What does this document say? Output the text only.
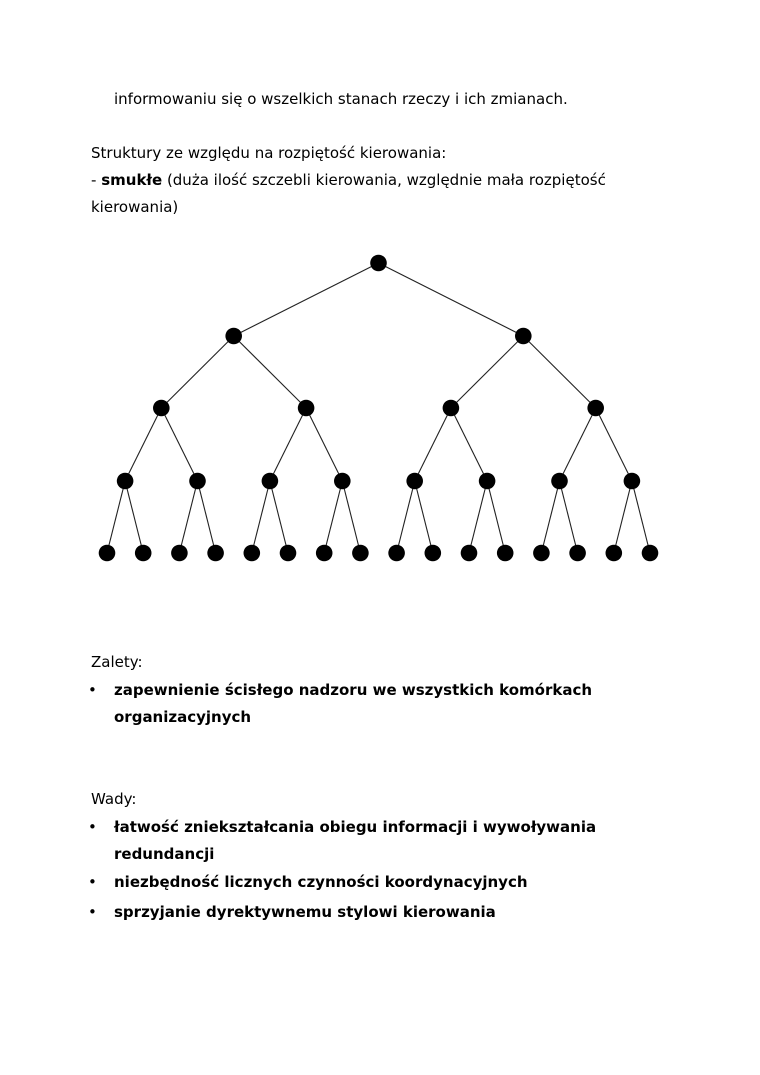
informowaniu się o wszelkich stanach rzeczy i ich zmianach.
Struktury ze względu na rozpiętość kierowania:
- smukłe (duża ilość szczebli kierowania, względnie mała rozpiętość
kierowania)
Zalety:
• zapewnienie ścisłego nadzoru we wszystkich komórkach
organizacyjnych
Wady:
• łatwość zniekształcania obiegu informacji i wywoływania
redundancji
• niezbędność licznych czynności koordynacyjnych
• sprzyjanie dyrektywnemu stylowi kierowania
